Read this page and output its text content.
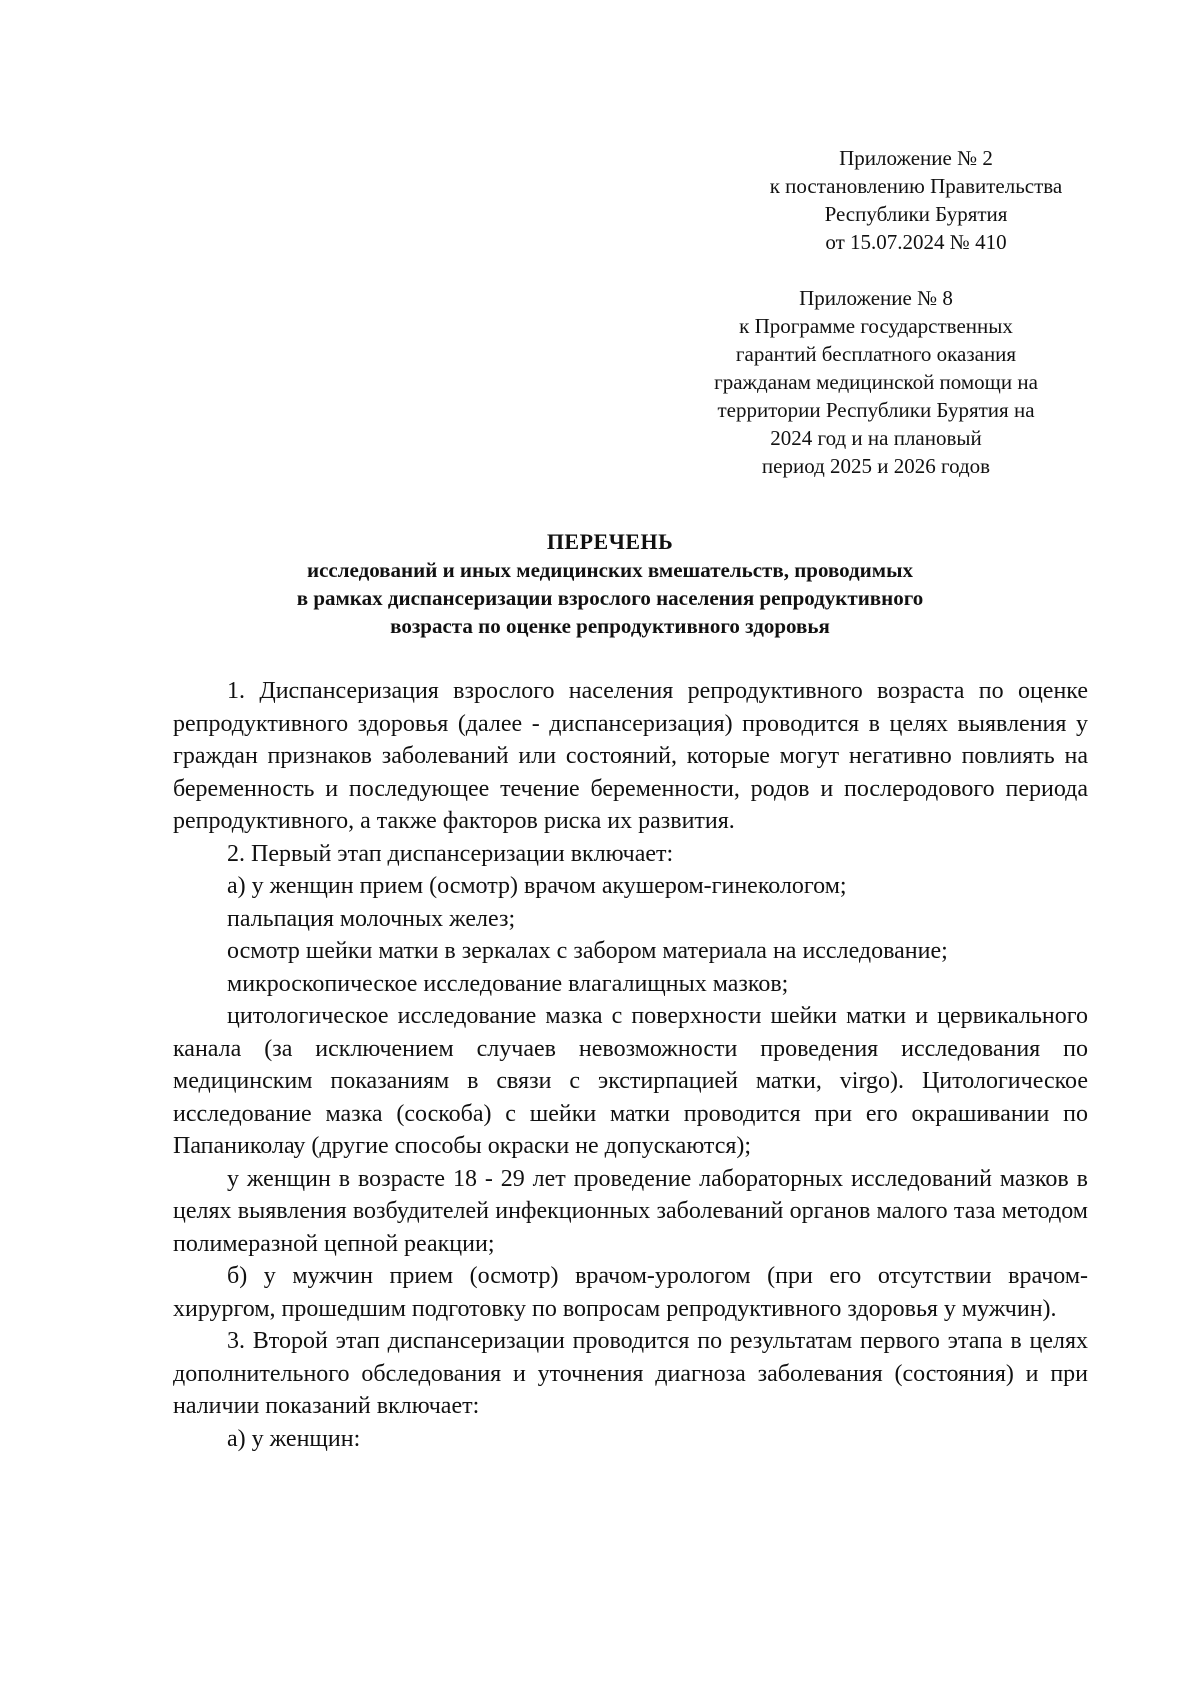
Приложение № 2
к постановлению Правительства
Республики Бурятия
от 15.07.2024 № 410
Приложение № 8
к Программе государственных
гарантий бесплатного оказания
гражданам медицинской помощи на
территории Республики Бурятия на
2024 год и на плановый
период 2025 и 2026 годов
ПЕРЕЧЕНЬ
исследований и иных медицинских вмешательств, проводимых
в рамках диспансеризации взрослого населения репродуктивного
возраста по оценке репродуктивного здоровья

1. Диспансеризация взрослого населения репродуктивного возраста по оценке репродуктивного здоровья (далее - диспансеризация) проводится в целях выявления у граждан признаков заболеваний или состояний, которые могут негативно повлиять на беременность и последующее течение беременности, родов и послеродового периода репродуктивного, а также факторов риска их развития.

2. Первый этап диспансеризации включает:

а) у женщин прием (осмотр) врачом акушером-гинекологом;

пальпация молочных желез;

осмотр шейки матки в зеркалах с забором материала на исследование;

микроскопическое исследование влагалищных мазков;

цитологическое исследование мазка с поверхности шейки матки и цервикального канала (за исключением случаев невозможности проведения исследования по медицинским показаниям в связи с экстирпацией матки, virgo). Цитологическое исследование мазка (соскоба) с шейки матки проводится при его окрашивании по Папаниколау (другие способы окраски не допускаются);

у женщин в возрасте 18 - 29 лет проведение лабораторных исследований мазков в целях выявления возбудителей инфекционных заболеваний органов малого таза методом полимеразной цепной реакции;

б) у мужчин прием (осмотр) врачом-урологом (при его отсутствии врачом-хирургом, прошедшим подготовку по вопросам репродуктивного здоровья у мужчин).

3. Второй этап диспансеризации проводится по результатам первого этапа в целях дополнительного обследования и уточнения диагноза заболевания (состояния) и при наличии показаний включает:

а) у женщин:
